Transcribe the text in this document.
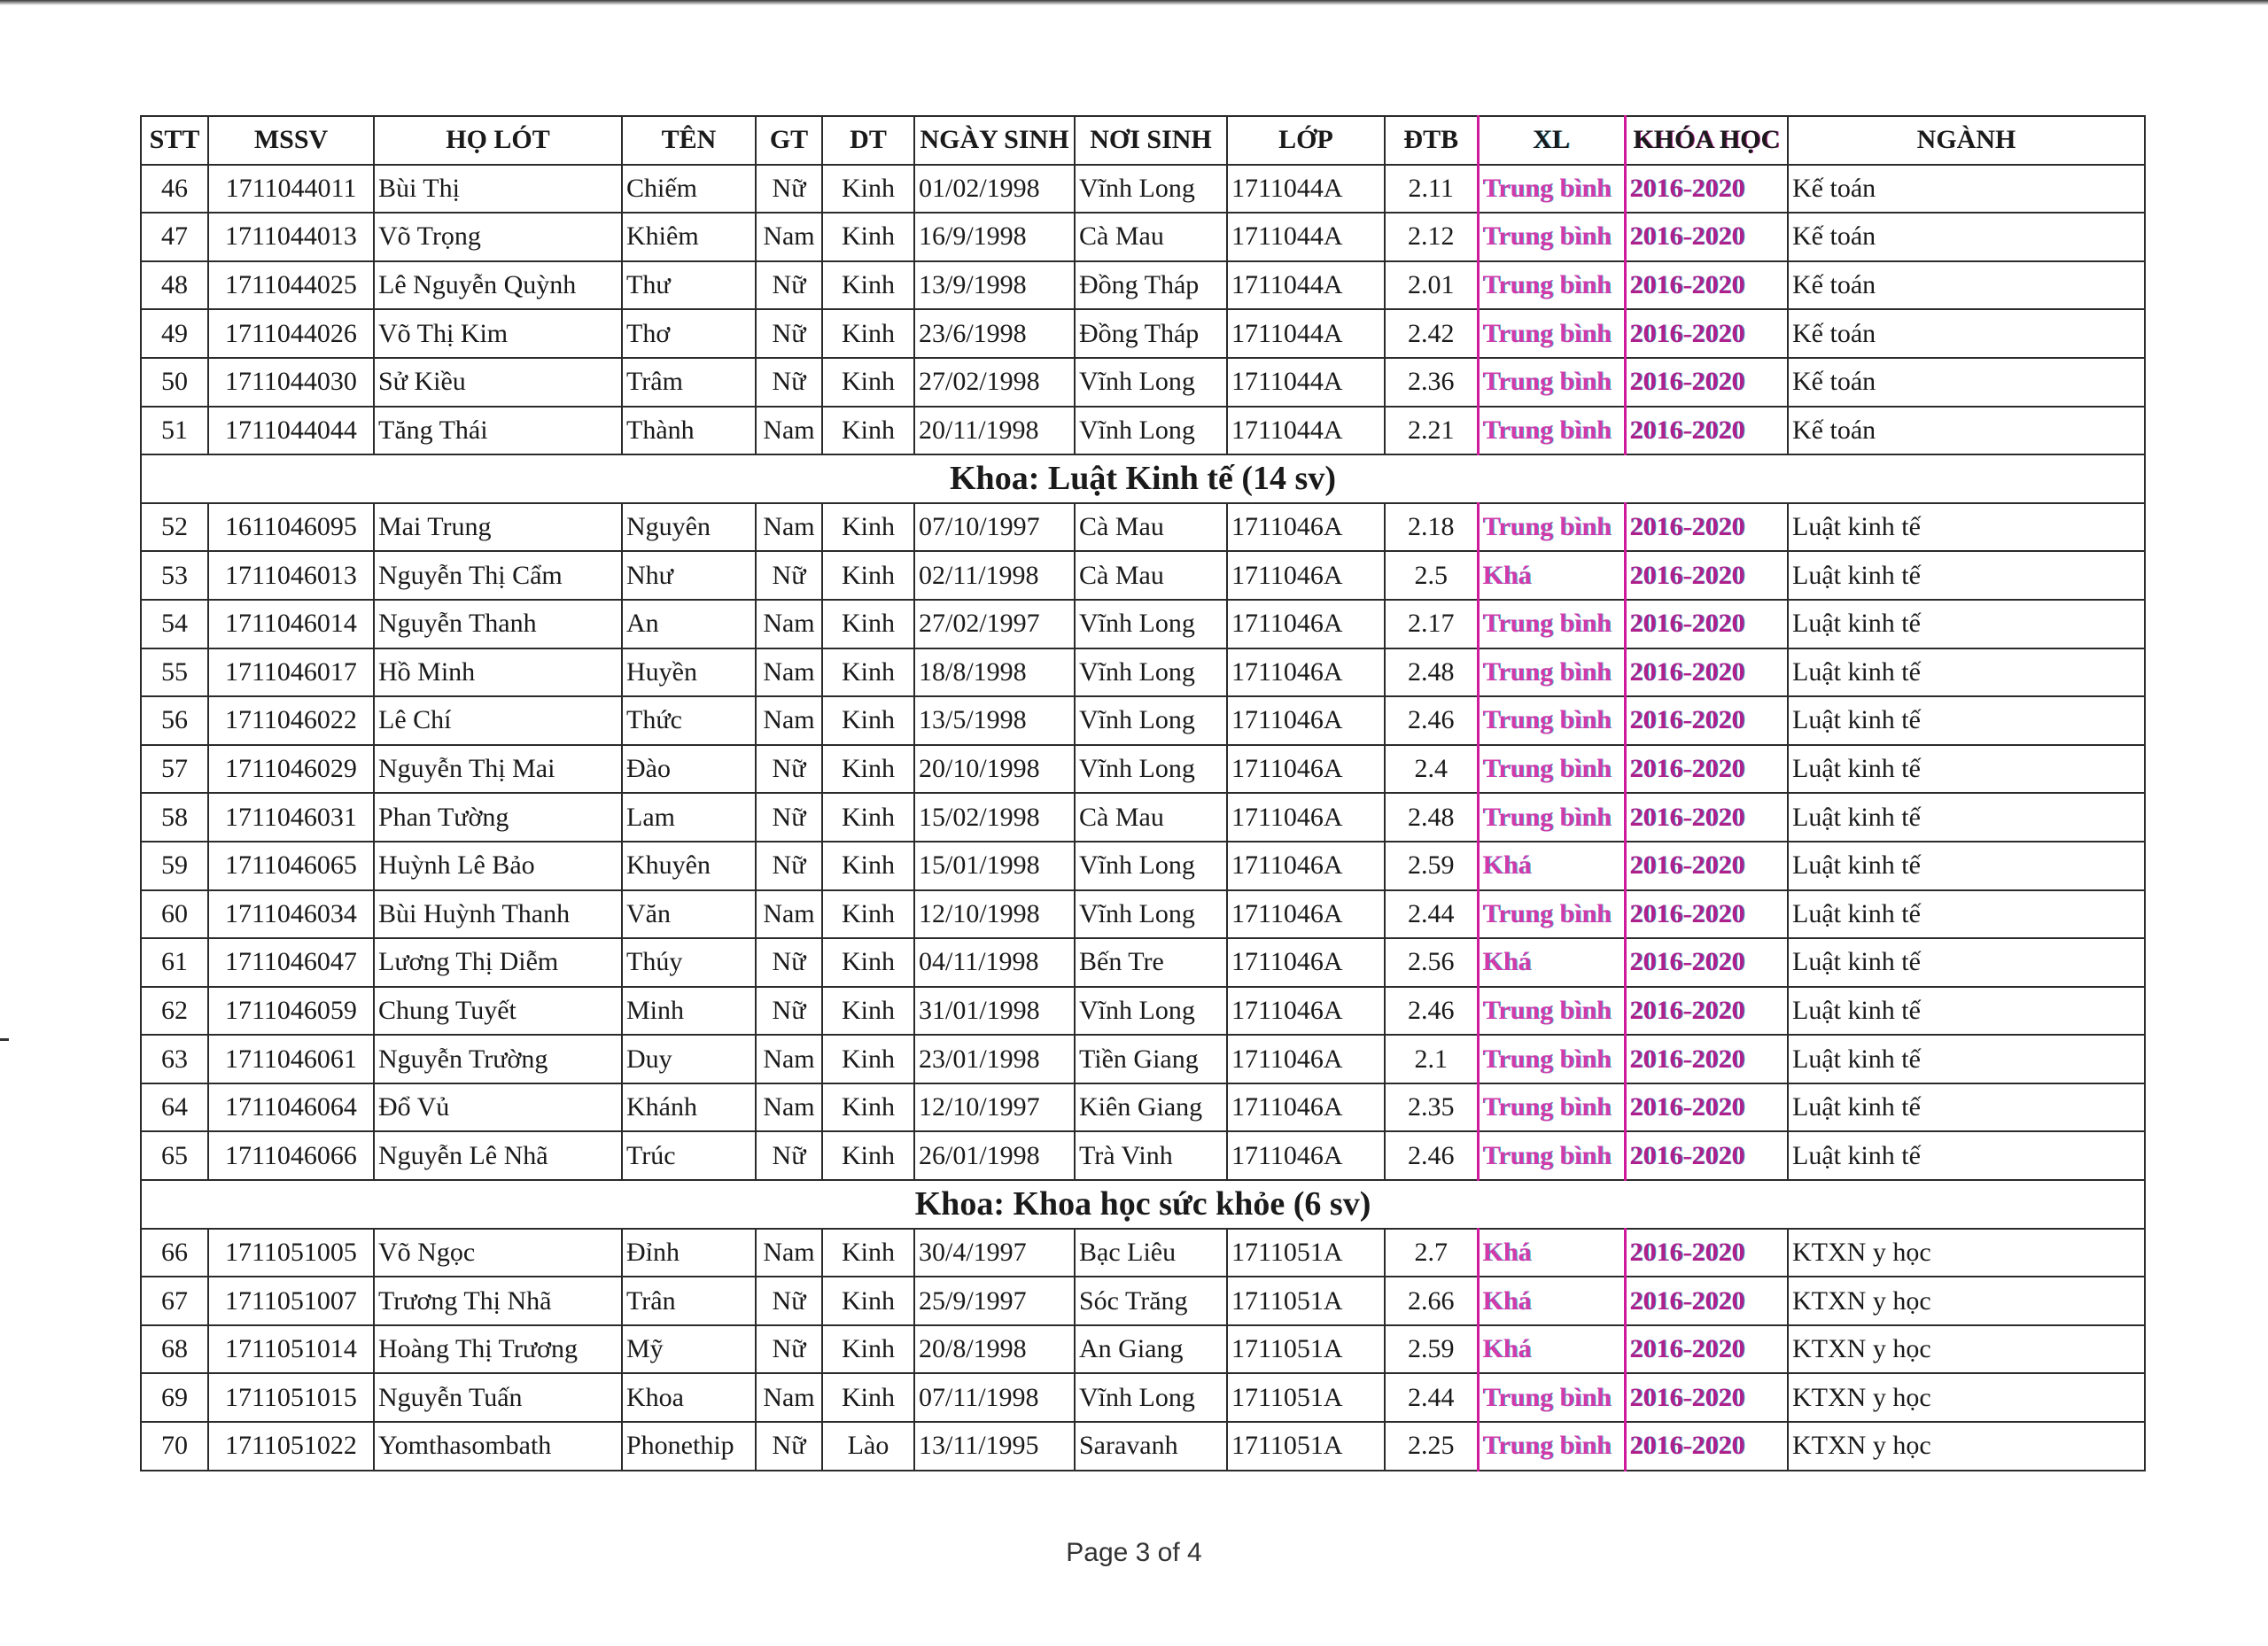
STT	MSSV	HỌ LÓT	TÊN	GT	DT	NGÀY SINH	NƠI SINH	LỚP	ĐTB	XL	KHÓA HỌC	NGÀNH
46	1711044011	Bùi Thị	Chiếm	Nữ	Kinh	01/02/1998	Vĩnh Long	1711044A	2.11	Trung bình	2016-2020	Kế toán
47	1711044013	Võ Trọng	Khiêm	Nam	Kinh	16/9/1998	Cà Mau	1711044A	2.12	Trung bình	2016-2020	Kế toán
48	1711044025	Lê Nguyễn Quỳnh	Thư	Nữ	Kinh	13/9/1998	Đồng Tháp	1711044A	2.01	Trung bình	2016-2020	Kế toán
49	1711044026	Võ Thị Kim	Thơ	Nữ	Kinh	23/6/1998	Đồng Tháp	1711044A	2.42	Trung bình	2016-2020	Kế toán
50	1711044030	Sử Kiều	Trâm	Nữ	Kinh	27/02/1998	Vĩnh Long	1711044A	2.36	Trung bình	2016-2020	Kế toán
51	1711044044	Tăng Thái	Thành	Nam	Kinh	20/11/1998	Vĩnh Long	1711044A	2.21	Trung bình	2016-2020	Kế toán
Khoa: Luật Kinh tế (14 sv)												
52	1611046095	Mai Trung	Nguyên	Nam	Kinh	07/10/1997	Cà Mau	1711046A	2.18	Trung bình	2016-2020	Luật kinh tế
53	1711046013	Nguyễn Thị Cẩm	Như	Nữ	Kinh	02/11/1998	Cà Mau	1711046A	2.5	Khá	2016-2020	Luật kinh tế
54	1711046014	Nguyễn Thanh	An	Nam	Kinh	27/02/1997	Vĩnh Long	1711046A	2.17	Trung bình	2016-2020	Luật kinh tế
55	1711046017	Hồ Minh	Huyền	Nam	Kinh	18/8/1998	Vĩnh Long	1711046A	2.48	Trung bình	2016-2020	Luật kinh tế
56	1711046022	Lê Chí	Thức	Nam	Kinh	13/5/1998	Vĩnh Long	1711046A	2.46	Trung bình	2016-2020	Luật kinh tế
57	1711046029	Nguyễn Thị Mai	Đào	Nữ	Kinh	20/10/1998	Vĩnh Long	1711046A	2.4	Trung bình	2016-2020	Luật kinh tế
58	1711046031	Phan Tường	Lam	Nữ	Kinh	15/02/1998	Cà Mau	1711046A	2.48	Trung bình	2016-2020	Luật kinh tế
59	1711046065	Huỳnh Lê Bảo	Khuyên	Nữ	Kinh	15/01/1998	Vĩnh Long	1711046A	2.59	Khá	2016-2020	Luật kinh tế
60	1711046034	Bùi Huỳnh Thanh	Văn	Nam	Kinh	12/10/1998	Vĩnh Long	1711046A	2.44	Trung bình	2016-2020	Luật kinh tế
61	1711046047	Lương Thị Diễm	Thúy	Nữ	Kinh	04/11/1998	Bến Tre	1711046A	2.56	Khá	2016-2020	Luật kinh tế
62	1711046059	Chung Tuyết	Minh	Nữ	Kinh	31/01/1998	Vĩnh Long	1711046A	2.46	Trung bình	2016-2020	Luật kinh tế
63	1711046061	Nguyễn Trường	Duy	Nam	Kinh	23/01/1998	Tiền Giang	1711046A	2.1	Trung bình	2016-2020	Luật kinh tế
64	1711046064	Đổ Vủ	Khánh	Nam	Kinh	12/10/1997	Kiên Giang	1711046A	2.35	Trung bình	2016-2020	Luật kinh tế
65	1711046066	Nguyễn Lê Nhã	Trúc	Nữ	Kinh	26/01/1998	Trà Vinh	1711046A	2.46	Trung bình	2016-2020	Luật kinh tế
Khoa: Khoa học sức khỏe (6 sv)												
66	1711051005	Võ Ngọc	Đỉnh	Nam	Kinh	30/4/1997	Bạc Liêu	1711051A	2.7	Khá	2016-2020	KTXN y học
67	1711051007	Trương Thị Nhã	Trân	Nữ	Kinh	25/9/1997	Sóc Trăng	1711051A	2.66	Khá	2016-2020	KTXN y học
68	1711051014	Hoàng Thị Trương	Mỹ	Nữ	Kinh	20/8/1998	An Giang	1711051A	2.59	Khá	2016-2020	KTXN y học
69	1711051015	Nguyễn Tuấn	Khoa	Nam	Kinh	07/11/1998	Vĩnh Long	1711051A	2.44	Trung bình	2016-2020	KTXN y học
70	1711051022	Yomthasombath	Phonethip	Nữ	Lào	13/11/1995	Saravanh	1711051A	2.25	Trung bình	2016-2020	KTXN y học
Page 3 of 4
